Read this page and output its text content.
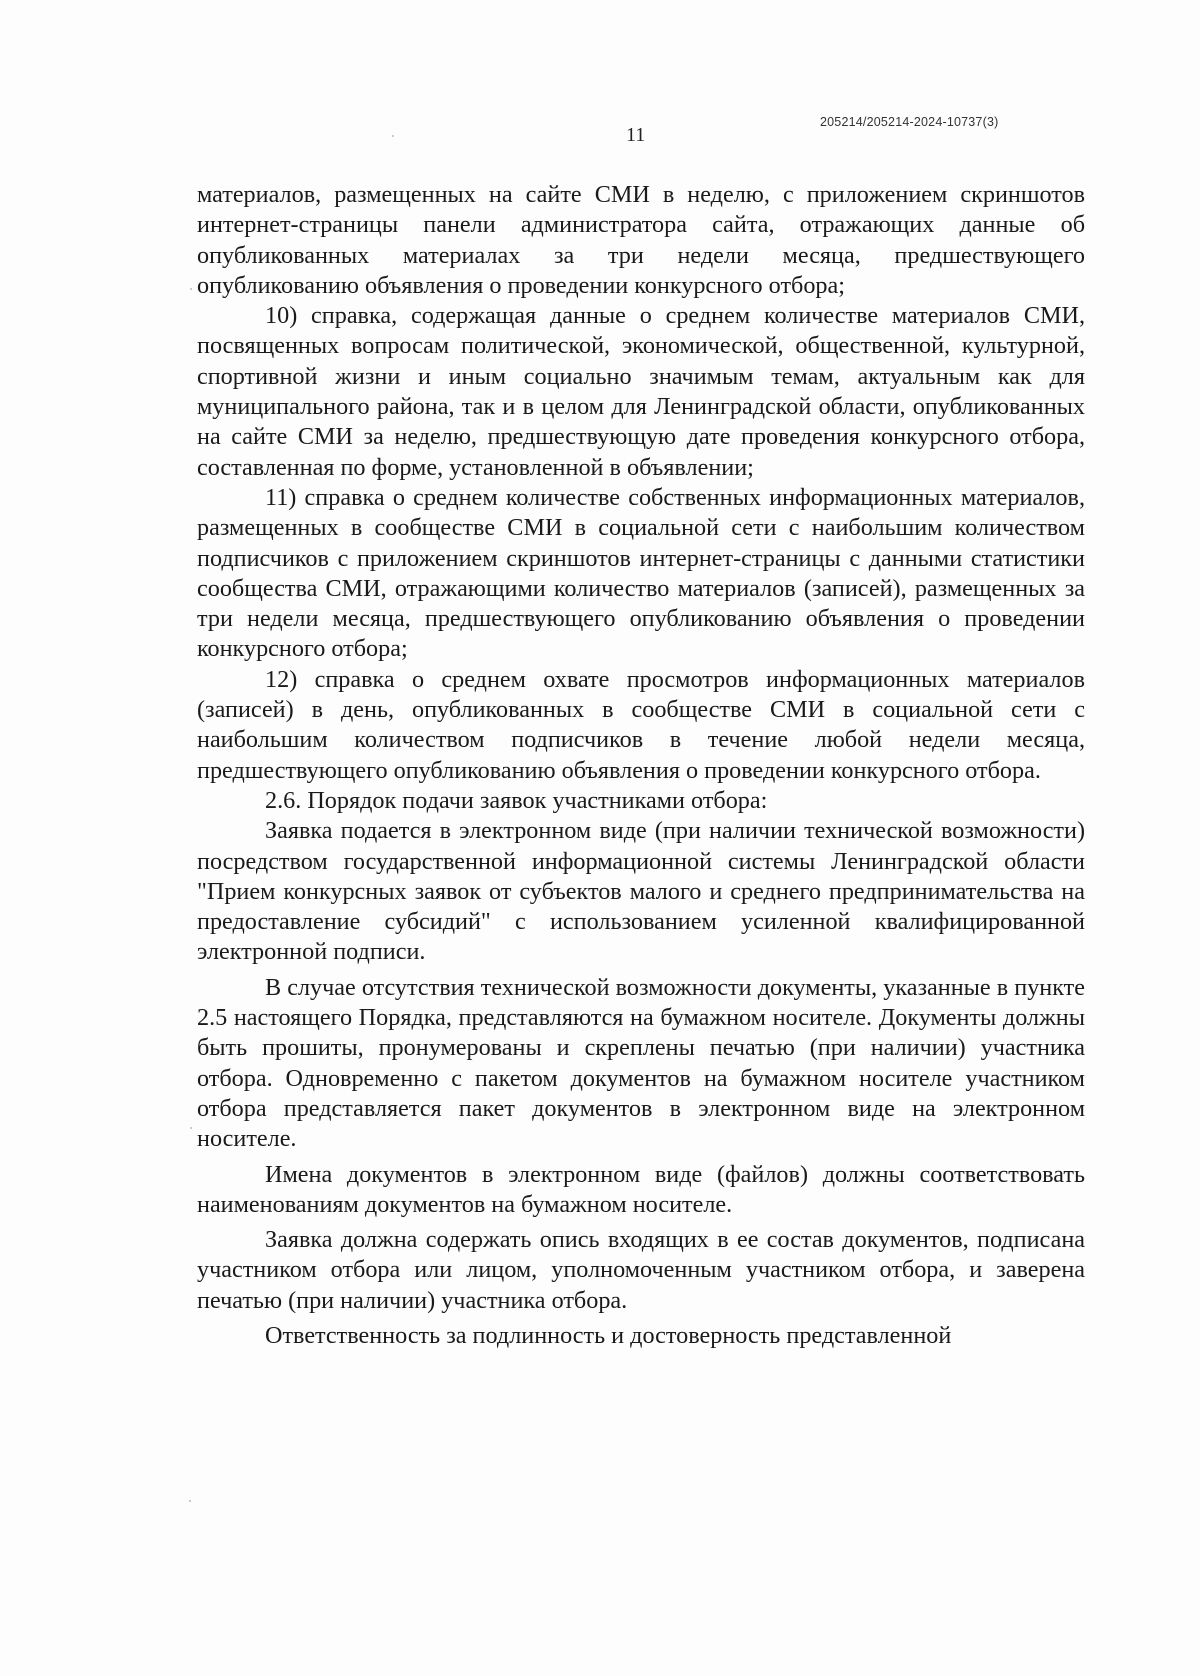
205214/205214-2024-10737(3)
11

материалов, размещенных на сайте СМИ в неделю, с приложением скриншотов интернет-страницы панели администратора сайта, отражающих данные об опубликованных материалах за три недели месяца, предшествующего опубликованию объявления о проведении конкурсного отбора;

10) справка, содержащая данные о среднем количестве материалов СМИ, посвященных вопросам политической, экономической, общественной, культурной, спортивной жизни и иным социально значимым темам, актуальным как для муниципального района, так и в целом для Ленинградской области, опубликованных на сайте СМИ за неделю, предшествующую дате проведения конкурсного отбора, составленная по форме, установленной в объявлении;

11) справка о среднем количестве собственных информационных материалов, размещенных в сообществе СМИ в социальной сети с наибольшим количеством подписчиков с приложением скриншотов интернет-страницы с данными статистики сообщества СМИ, отражающими количество материалов (записей), размещенных за три недели месяца, предшествующего опубликованию объявления о проведении конкурсного отбора;

12) справка о среднем охвате просмотров информационных материалов (записей) в день, опубликованных в сообществе СМИ в социальной сети с наибольшим количеством подписчиков в течение любой недели месяца, предшествующего опубликованию объявления о проведении конкурсного отбора.

2.6. Порядок подачи заявок участниками отбора:

Заявка подается в электронном виде (при наличии технической возможности) посредством государственной информационной системы Ленинградской области "Прием конкурсных заявок от субъектов малого и среднего предпринимательства на предоставление субсидий" с использованием усиленной квалифицированной электронной подписи.

В случае отсутствия технической возможности документы, указанные в пункте 2.5 настоящего Порядка, представляются на бумажном носителе. Документы должны быть прошиты, пронумерованы и скреплены печатью (при наличии) участника отбора. Одновременно с пакетом документов на бумажном носителе участником отбора представляется пакет документов в электронном виде на электронном носителе.

Имена документов в электронном виде (файлов) должны соответствовать наименованиям документов на бумажном носителе.

Заявка должна содержать опись входящих в ее состав документов, подписана участником отбора или лицом, уполномоченным участником отбора, и заверена печатью (при наличии) участника отбора.

Ответственность за подлинность и достоверность представленной
